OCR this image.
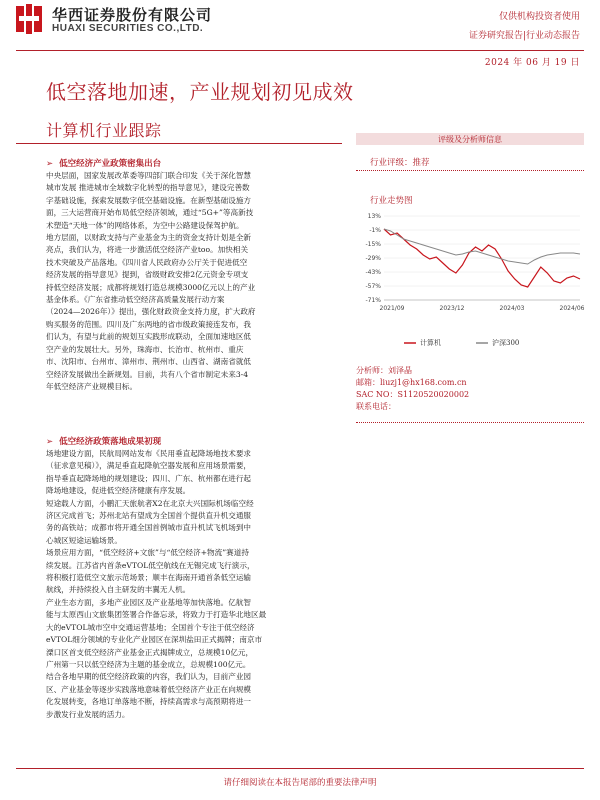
华西证券股份有限公司
HUAXI SECURITIES CO.,LTD.
仅供机构投资者使用
证券研究报告|行业动态报告
2024 年 06 月 19 日
低空落地加速，产业规划初见成效
计算机行业跟踪	评级及分析师信息
行业评级：推荐
行业走势图
13%
-1%
-15%
-29%
-43%
-57%
-71%
2021/09	2023/12	2024/03	2024/06
计算机	沪深300
分析师：刘泽晶
邮箱：liuzj1@hx168.com.cn
SAC NO：S1120520020002
联系电话：
➢ 低空经济产业政策密集出台
中央层面，国家发展改革委等四部门联合印发《关于深化智慧
城市发展 推进城市全域数字化转型的指导意见》，建设完善数
字基础设施，探索发展数字低空基础设施。在新型基础设施方
面，三大运营商开始布局低空经济领域，通过“5G+”等高新技
术塑造“天地一体”的网络体系，为空中公路建设保驾护航。
地方层面，以财政支持与产业基金为主的资金支持计划是全新
亮点，我们认为，将进一步激活低空经济产业too。加快相关
技术突破及产品落地。《四川省人民政府办公厅关于促进低空
经济发展的指导意见》提到，省级财政安排2亿元资金专项支
持低空经济发展；成都将规划打造总规模3000亿元以上的产业
基金体系。《广东省推动低空经济高质量发展行动方案
（2024—2026年）》提出，强化财政资金支持力度，扩大政府
购买服务的范围。四川及广东两地的省市级政策接连发布，我
们认为，有望与此前的规划互实践形成联动，全面加速地区低
空产业的发展壮大。另外，珠海市、长治市、杭州市、重庆
市、沈阳市、台州市、漳州市、荆州市、山西省、湖南省就低
空经济发展做出全新规划。目前，共有八个省市制定未来3-4
年低空经济产业规模目标。
➢ 低空经济政策落地成果初现
场地建设方面，民航局网站发布《民用垂直起降场地技术要求
（征求意见稿）》，满足垂直起降航空器发展和应用场景需要，
指导垂直起降场地的规划建设；四川、广东、杭州都在进行起
降场地建设，促进低空经济健康有序发展。
短途载人方面，小鹏汇天旅航者X2在北京大兴国际机场临空经
济区完成首飞；苏州北站有望成为全国首个提供直升机交通服
务的高铁站；成都市将开通全国首例城市直升机试飞机场到中
心城区短途运输场景。
场景应用方面，“低空经济+文旅”与“低空经济+物流”赛道持
续发展。江苏省内首条eVTOL低空航线在无锡完成飞行演示，
将积极打造低空文旅示范场景；顺丰在海南开通首条低空运输
航线，并持续投入自主研发的丰翼无人机。
产业生态方面，多地产业园区及产业基地等加快落地。亿航智
能与太原西山文旅集团签署合作备忘录，将致力于打造华北地区最
大的eVTOL城市空中交通运营基地；全国首个专注于低空经济
eVTOL细分领域的专业化产业园区在深圳盐田正式揭牌；南京市
溧口区首支低空经济产业基金正式揭牌成立，总规模10亿元，
广州第一只以低空经济为主题的基金成立，总规模100亿元。
结合各地早期的低空经济政策的内容，我们认为，目前产业园
区、产业基金等逐步实践落地意味着低空经济产业正在向规模
化发展转变，各地订单落地不断，持续高需求与高预期将进一
步激发行业发展的活力。
请仔细阅读在本报告尾部的重要法律声明
